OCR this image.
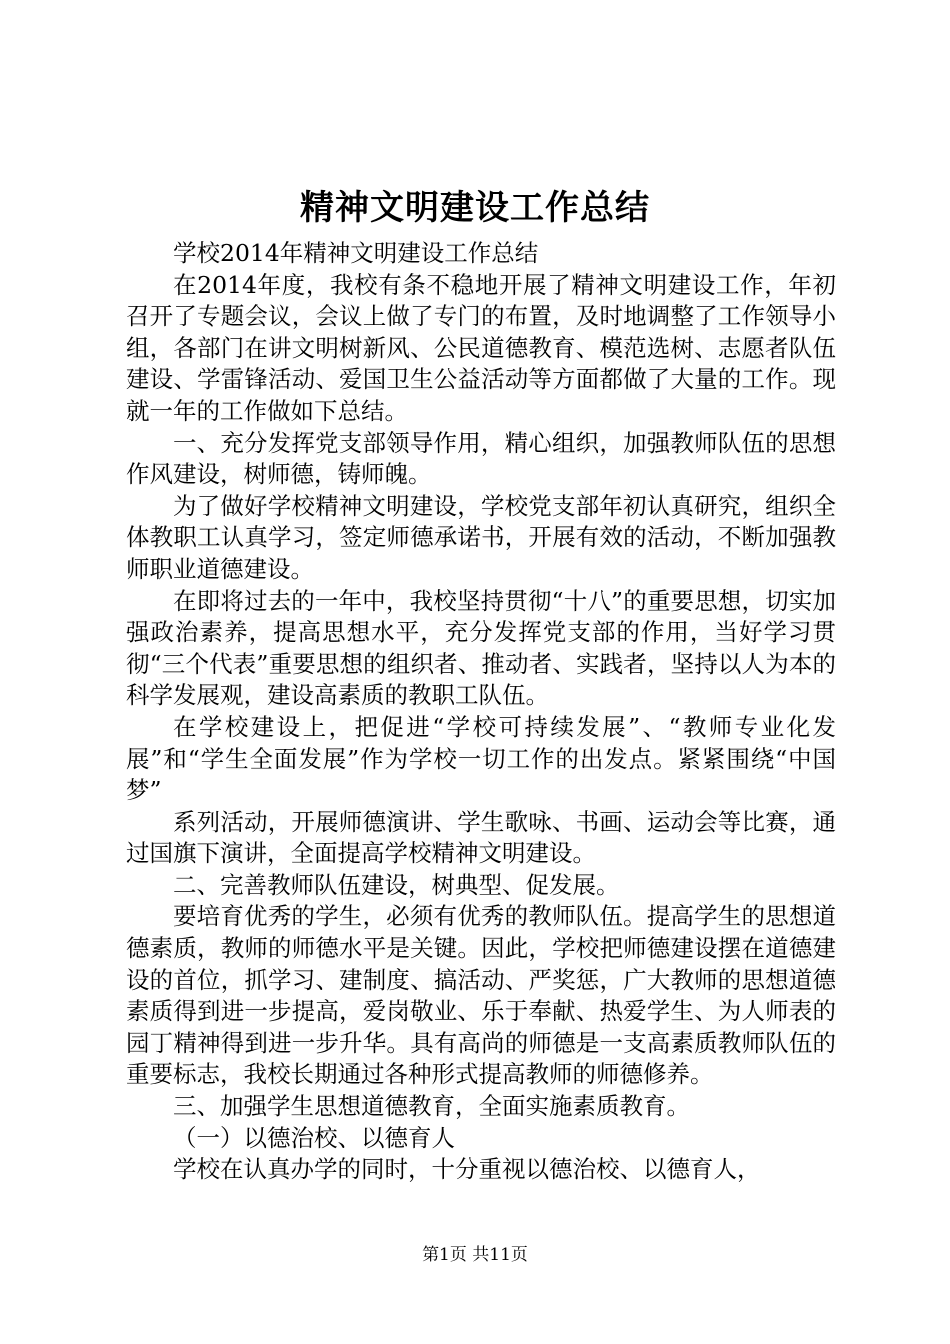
精神文明建设工作总结

学校2014年精神文明建设工作总结

在2014年度，我校有条不稳地开展了精神文明建设工作，年初召开了专题会议，会议上做了专门的布置，及时地调整了工作领导小组，各部门在讲文明树新风、公民道德教育、模范选树、志愿者队伍建设、学雷锋活动、爱国卫生公益活动等方面都做了大量的工作。现就一年的工作做如下总结。

一、充分发挥党支部领导作用，精心组织，加强教师队伍的思想作风建设，树师德，铸师魄。

为了做好学校精神文明建设，学校党支部年初认真研究，组织全体教职工认真学习，签定师德承诺书，开展有效的活动，不断加强教师职业道德建设。

在即将过去的一年中，我校坚持贯彻“十八”的重要思想，切实加强政治素养，提高思想水平，充分发挥党支部的作用，当好学习贯彻“三个代表”重要思想的组织者、推动者、实践者，坚持以人为本的科学发展观，建设高素质的教职工队伍。

在学校建设上，把促进“学校可持续发展”、“教师专业化发展”和“学生全面发展”作为学校一切工作的出发点。紧紧围绕“中国梦”

系列活动，开展师德演讲、学生歌咏、书画、运动会等比赛，通过国旗下演讲，全面提高学校精神文明建设。

二、完善教师队伍建设，树典型、促发展。

要培育优秀的学生，必须有优秀的教师队伍。提高学生的思想道德素质，教师的师德水平是关键。因此，学校把师德建设摆在道德建设的首位，抓学习、建制度、搞活动、严奖惩，广大教师的思想道德素质得到进一步提高，爱岗敬业、乐于奉献、热爱学生、为人师表的园丁精神得到进一步升华。具有高尚的师德是一支高素质教师队伍的重要标志，我校长期通过各种形式提高教师的师德修养。

三、加强学生思想道德教育，全面实施素质教育。

（一）以德治校、以德育人

学校在认真办学的同时，十分重视以德治校、以德育人，

第1页 共11页
